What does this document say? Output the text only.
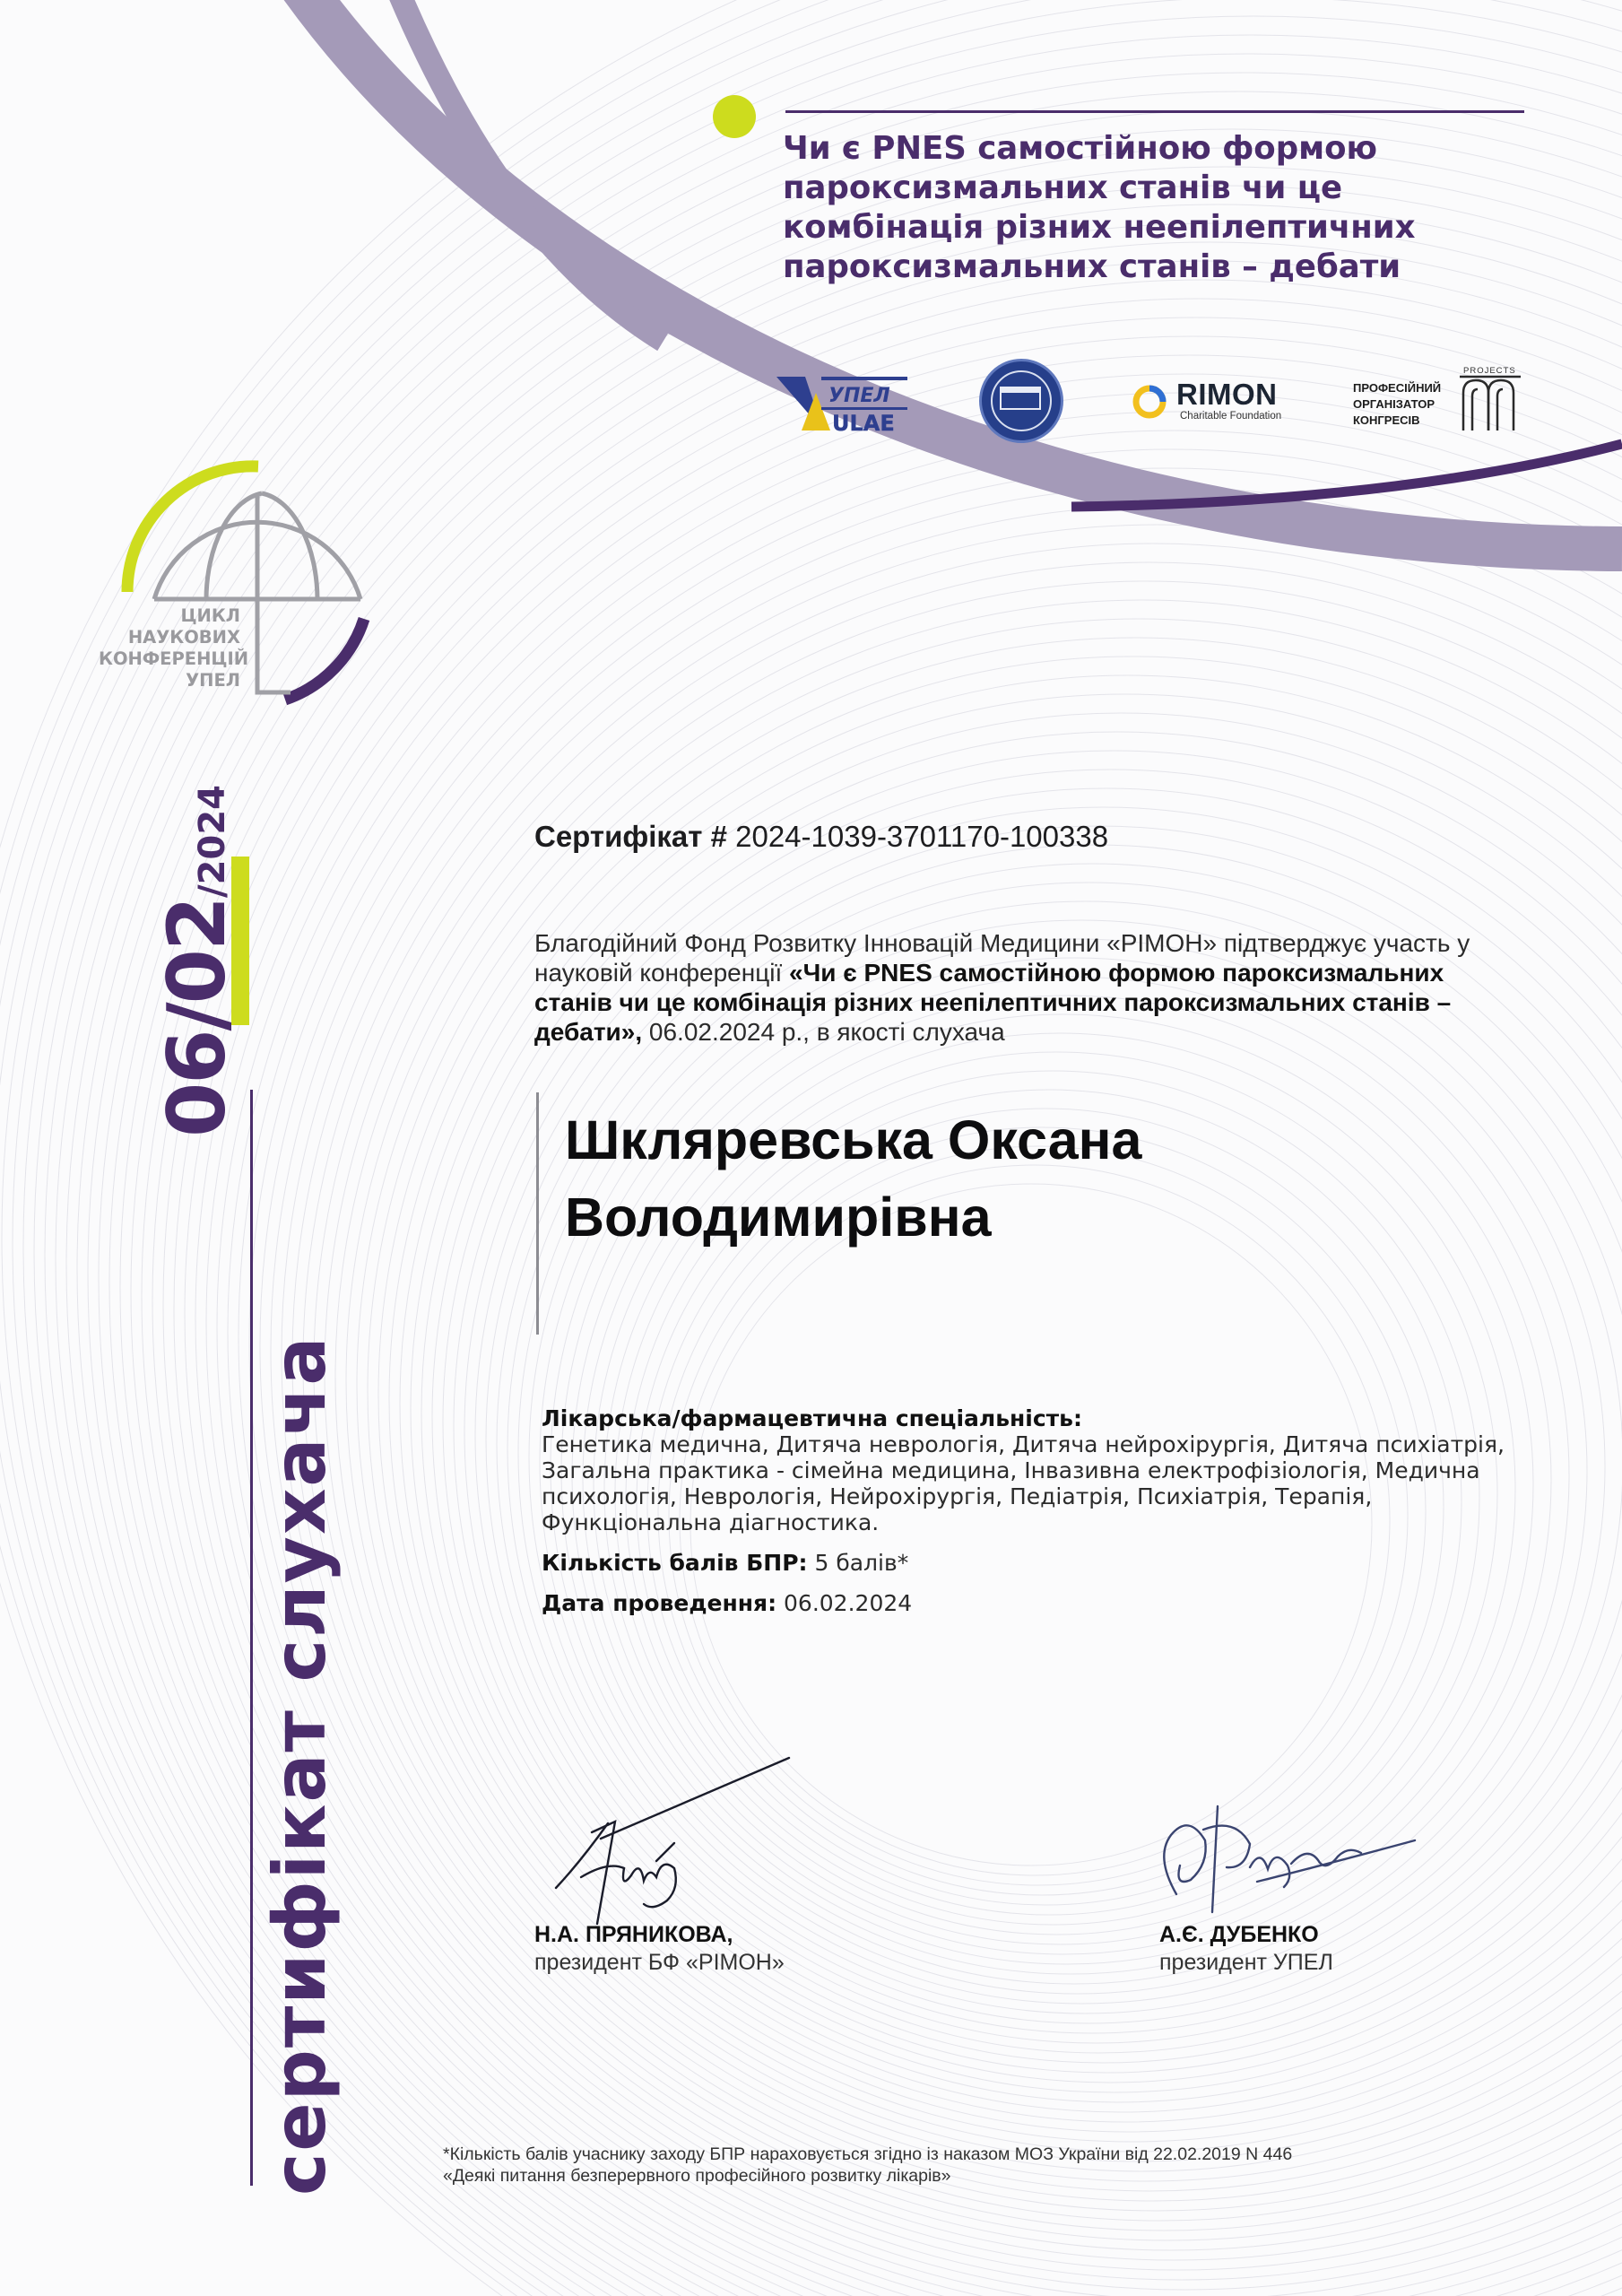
Чи є PNES самостійною формою
пароксизмальних станів чи це
комбінація різних неепілептичних
пароксизмальних станів – дебати
УПЕЛ
ULAE
RIMON
Charitable Foundation
ПРОФЕСІЙНИЙ
ОРГАНІЗАТОР
КОНГРЕСІВ
PROJECTS
ЦИКЛ
НАУКОВИХ
КОНФЕРЕНЦІЙ
УПЕЛ
06/02
/2024
сертифікат слухача
Сертифікат # 2024-1039-3701170-100338

Благодійний Фонд Розвитку Інновацій Медицини «РІМОН» підтверджує участь у науковій конференції «Чи є PNES самостійною формою пароксизмальних станів чи це комбінація різних неепілептичних пароксизмальних станів – дебати», 06.02.2024 р., в якості слухача

Шклярeвська Оксана
Володимирівна

Лікарська/фармацевтична спеціальність:

Генетика медична, Дитяча неврологія, Дитяча нейрохірургія, Дитяча психіатрія, Загальна практика - сімейна медицина, Інвазивна електрофізіологія, Медична психологія, Неврологія, Нейрохірургія, Педіатрія, Психіатрія, Терапія, Функціональна діагностика.

Кількість балів БПР: 5 балів*

Дата проведення: 06.02.2024

Н.А. ПРЯНИКОВА,
президент БФ «РІМОН»
А.Є. ДУБЕНКО
президент УПЕЛ

*Кількість балів учаснику заходу БПР нараховується згідно із наказом МОЗ України від 22.02.2019 N 446
«Деякі питання безперервного професійного розвитку лікарів»
